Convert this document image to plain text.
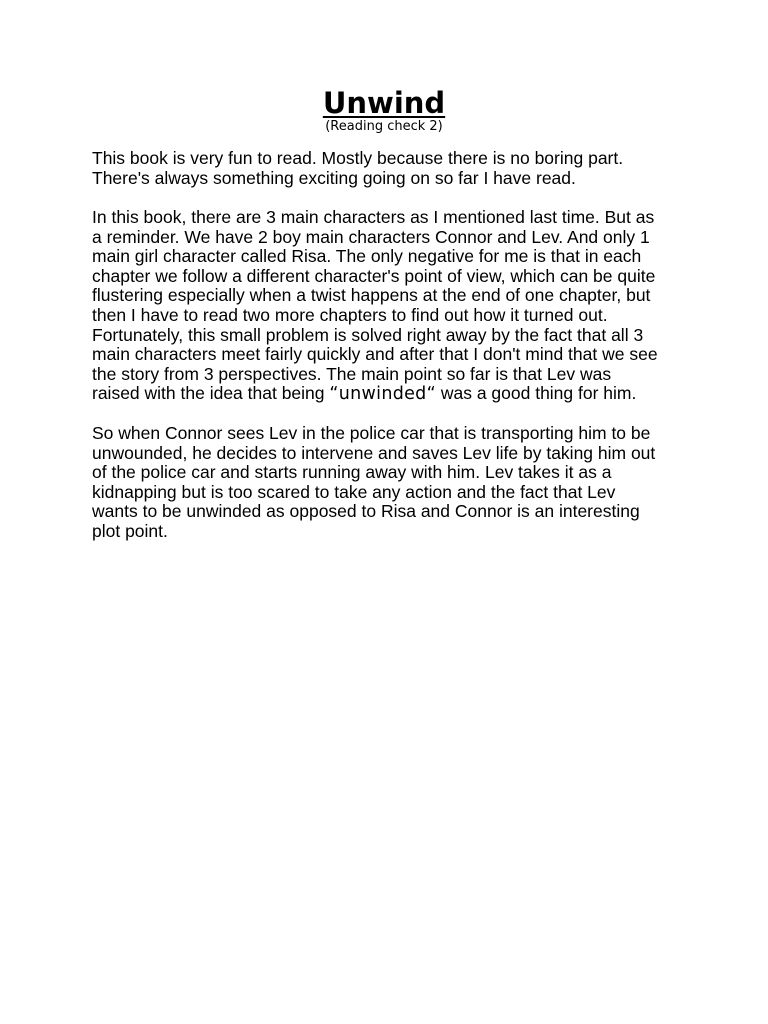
Unwind

(Reading check 2)

This book is very fun to read. Mostly because there is no boring part.
There's always something exciting going on so far I have read.

In this book, there are 3 main characters as I mentioned last time. But as
a reminder. We have 2 boy main characters Connor and Lev. And only 1
main girl character called Risa. The only negative for me is that in each
chapter we follow a different character's point of view, which can be quite
flustering especially when a twist happens at the end of one chapter, but
then I have to read two more chapters to find out how it turned out.
Fortunately, this small problem is solved right away by the fact that all 3
main characters meet fairly quickly and after that I don't mind that we see
the story from 3 perspectives. The main point so far is that Lev was
raised with the idea that being “unwinded“ was a good thing for him.

So when Connor sees Lev in the police car that is transporting him to be
unwounded, he decides to intervene and saves Lev life by taking him out
of the police car and starts running away with him. Lev takes it as a
kidnapping but is too scared to take any action and the fact that Lev
wants to be unwinded as opposed to Risa and Connor is an interesting
plot point.
